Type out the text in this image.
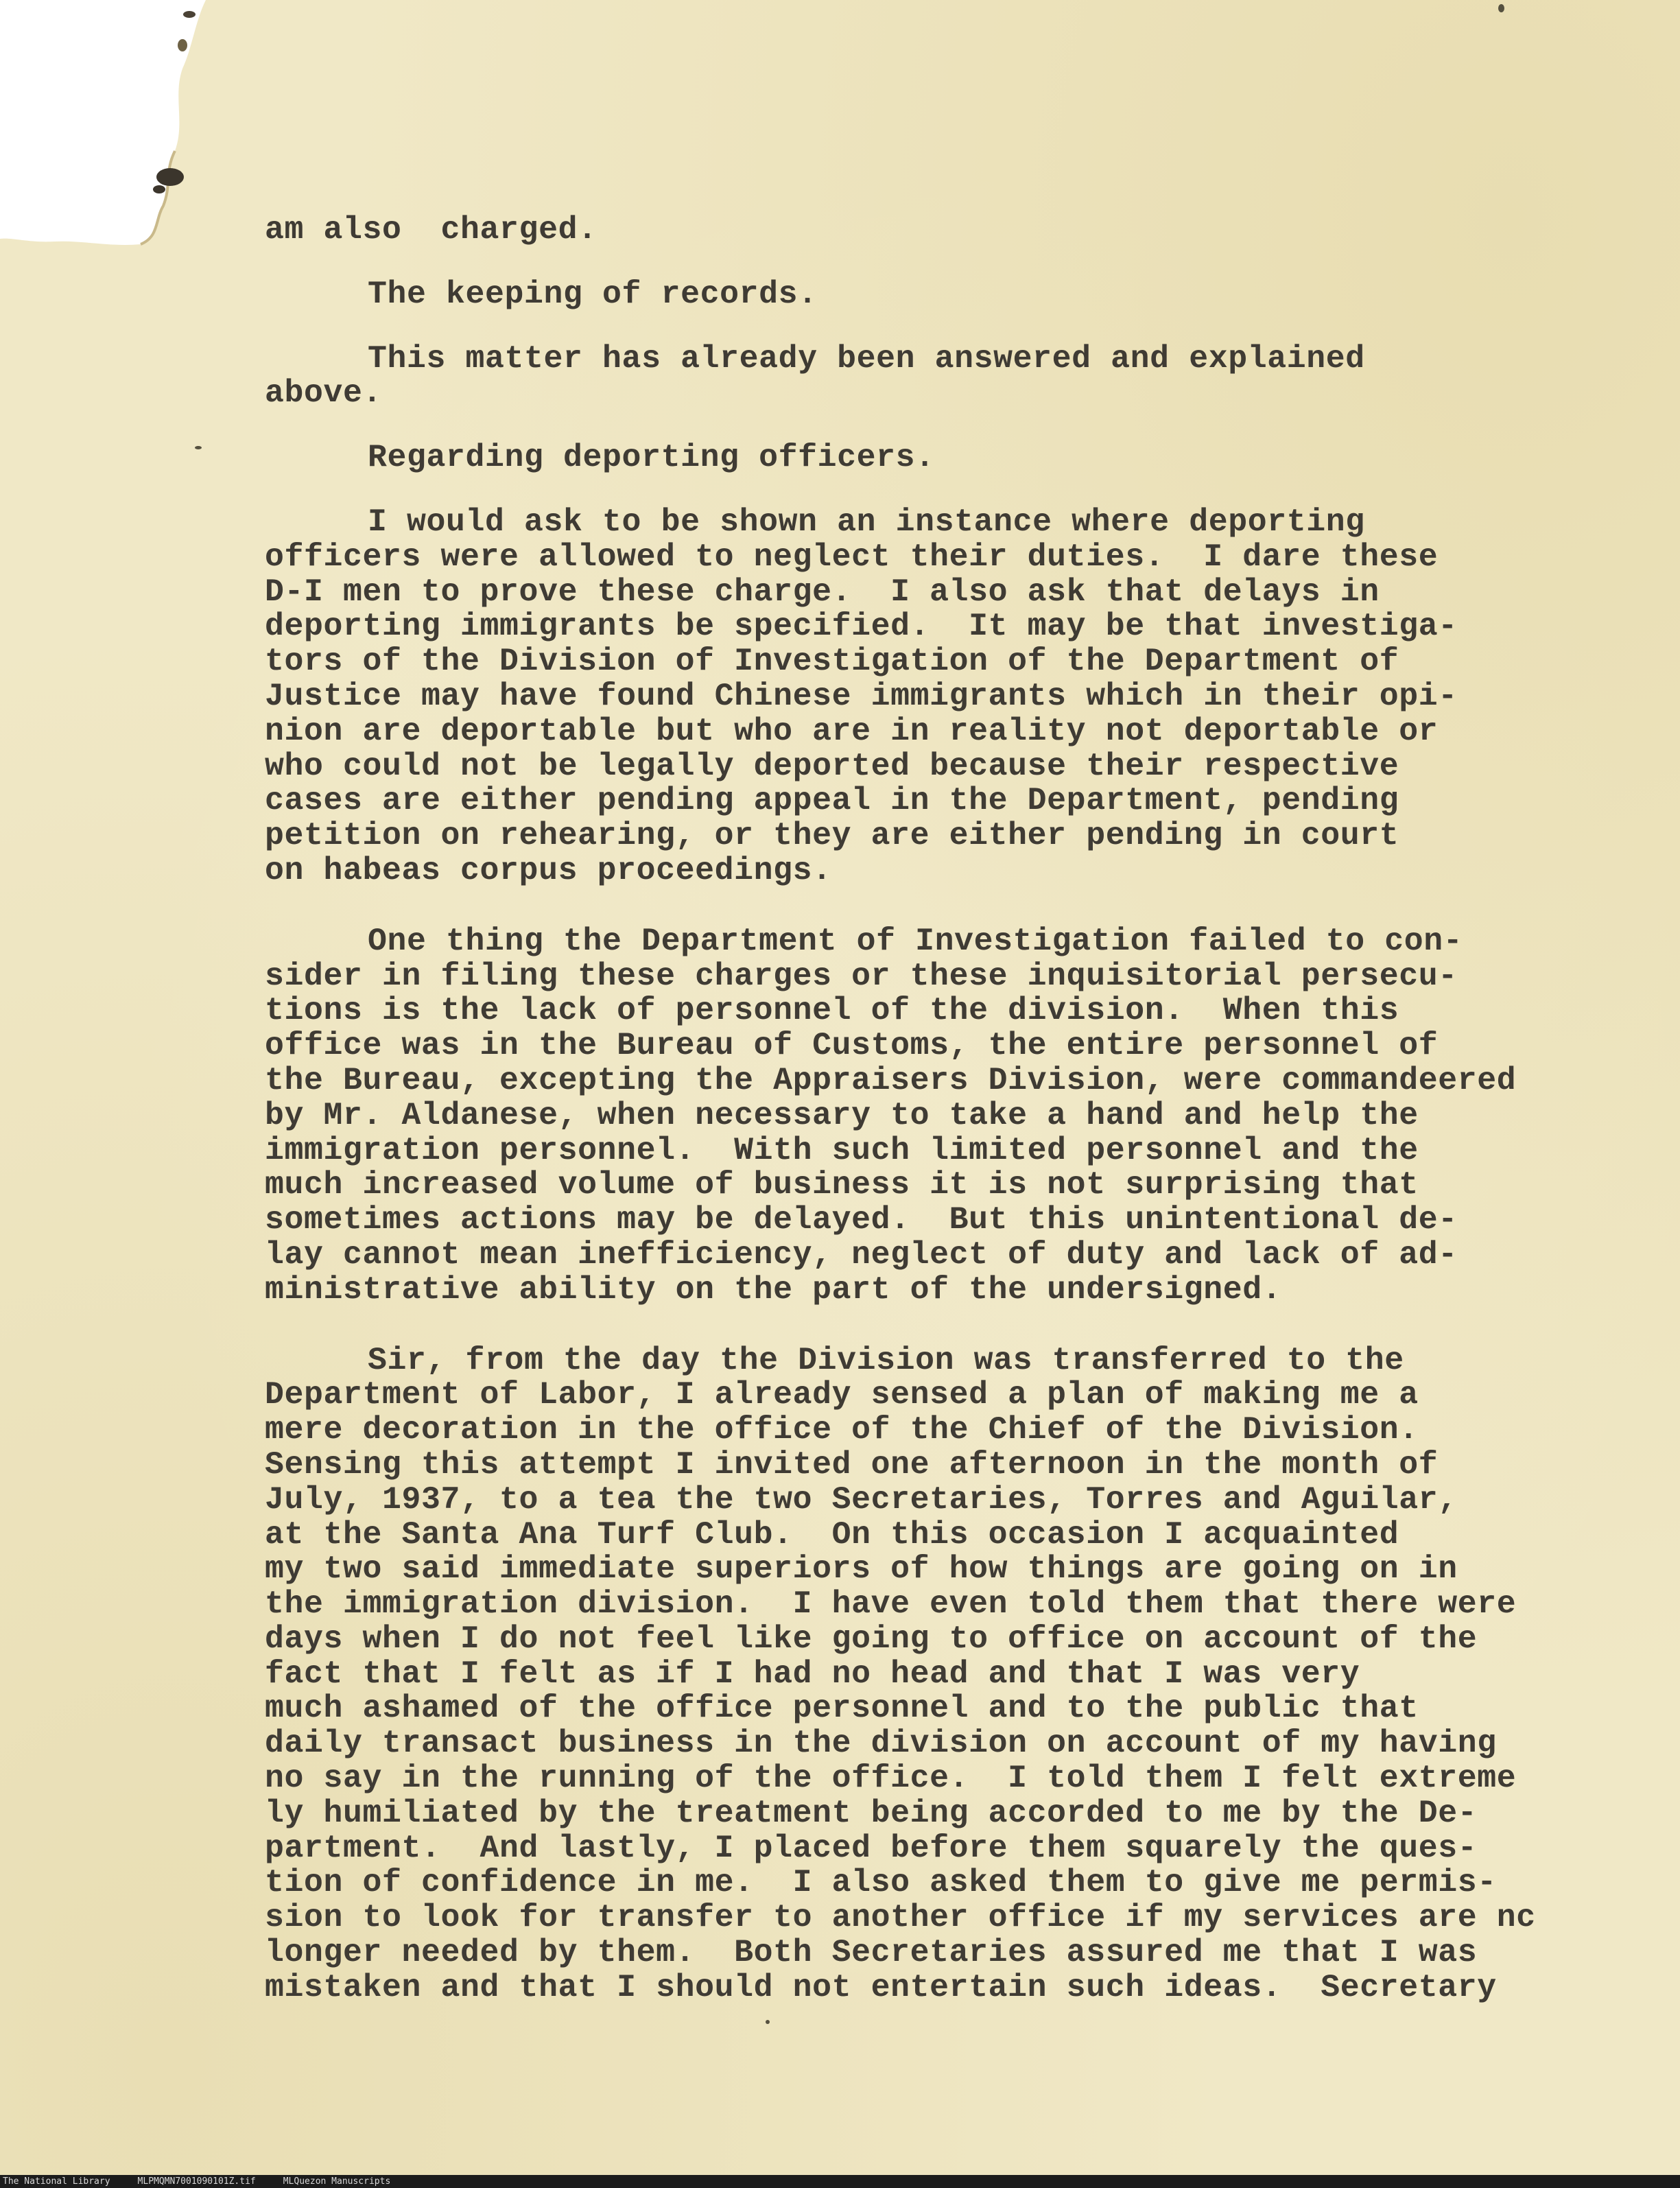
am also  charged.
The keeping of records.
This matter has already been answered and explained
above.
Regarding deporting officers.
I would ask to be shown an instance where deporting
officers were allowed to neglect their duties.  I dare these
D-I men to prove these charge.  I also ask that delays in
deporting immigrants be specified.  It may be that investiga-
tors of the Division of Investigation of the Department of
Justice may have found Chinese immigrants which in their opi-
nion are deportable but who are in reality not deportable or
who could not be legally deported because their respective
cases are either pending appeal in the Department, pending
petition on rehearing, or they are either pending in court
on habeas corpus proceedings.
One thing the Department of Investigation failed to con-
sider in filing these charges or these inquisitorial persecu-
tions is the lack of personnel of the division.  When this
office was in the Bureau of Customs, the entire personnel of
the Bureau, excepting the Appraisers Division, were commandeered
by Mr. Aldanese, when necessary to take a hand and help the
immigration personnel.  With such limited personnel and the
much increased volume of business it is not surprising that
sometimes actions may be delayed.  But this unintentional de-
lay cannot mean inefficiency, neglect of duty and lack of ad-
ministrative ability on the part of the undersigned.
Sir, from the day the Division was transferred to the
Department of Labor, I already sensed a plan of making me a
mere decoration in the office of the Chief of the Division.
Sensing this attempt I invited one afternoon in the month of
July, 1937, to a tea the two Secretaries, Torres and Aguilar,
at the Santa Ana Turf Club.  On this occasion I acquainted
my two said immediate superiors of how things are going on in
the immigration division.  I have even told them that there were
days when I do not feel like going to office on account of the
fact that I felt as if I had no head and that I was very
much ashamed of the office personnel and to the public that
daily transact business in the division on account of my having
no say in the running of the office.  I told them I felt extreme
ly humiliated by the treatment being accorded to me by the De-
partment.  And lastly, I placed before them squarely the ques-
tion of confidence in me.  I also asked them to give me permis-
sion to look for transfer to another office if my services are nc
longer needed by them.  Both Secretaries assured me that I was
mistaken and that I should not entertain such ideas.  Secretary
The National Library	MLPMQMN7001090101Z.tif	MLQuezon Manuscripts
